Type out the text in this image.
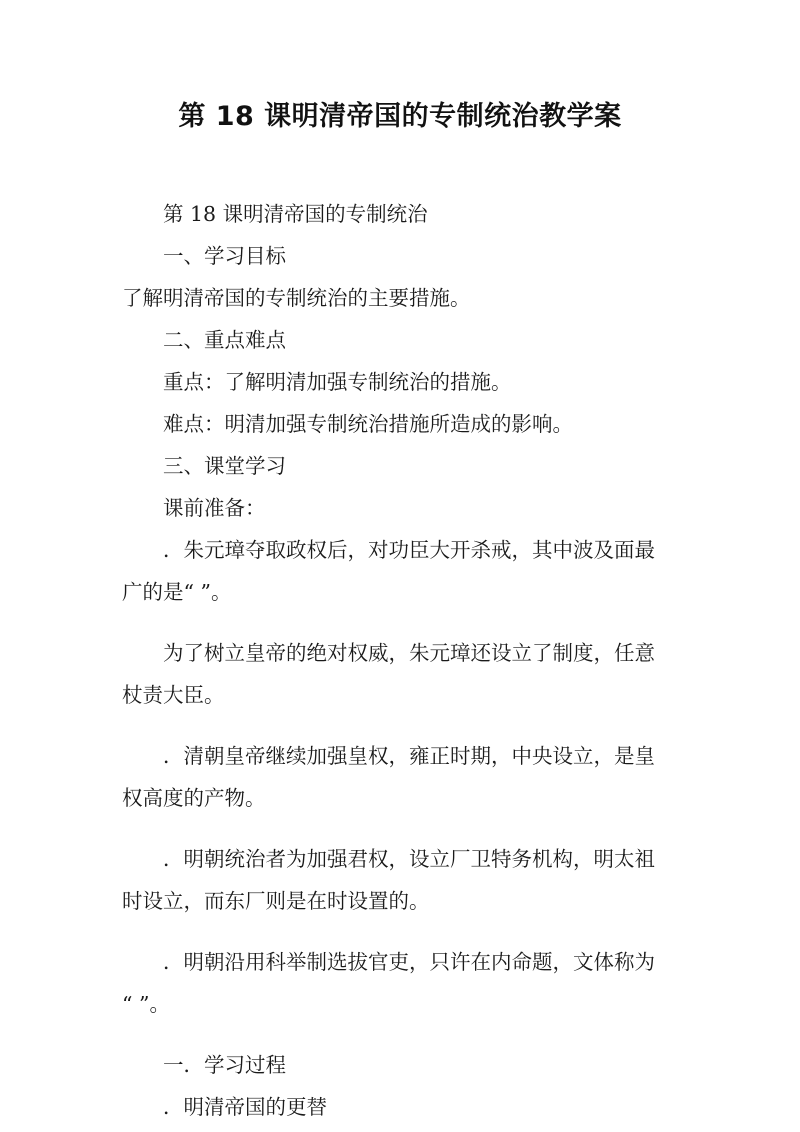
第 18 课明清帝国的专制统治教学案
第 18 课明清帝国的专制统治
一、学习目标
了解明清帝国的专制统治的主要措施。
二、重点难点
重点：了解明清加强专制统治的措施。
难点：明清加强专制统治措施所造成的影响。
三、课堂学习
课前准备：
．朱元璋夺取政权后，对功臣大开杀戒，其中波及面最
广的是“ ”。
为了树立皇帝的绝对权威，朱元璋还设立了制度，任意
杖责大臣。
．清朝皇帝继续加强皇权，雍正时期，中央设立，是皇
权高度的产物。
．明朝统治者为加强君权，设立厂卫特务机构，明太祖
时设立，而东厂则是在时设置的。
．明朝沿用科举制选拔官吏，只许在内命题，文体称为
“ ”。
一．学习过程
．明清帝国的更替
